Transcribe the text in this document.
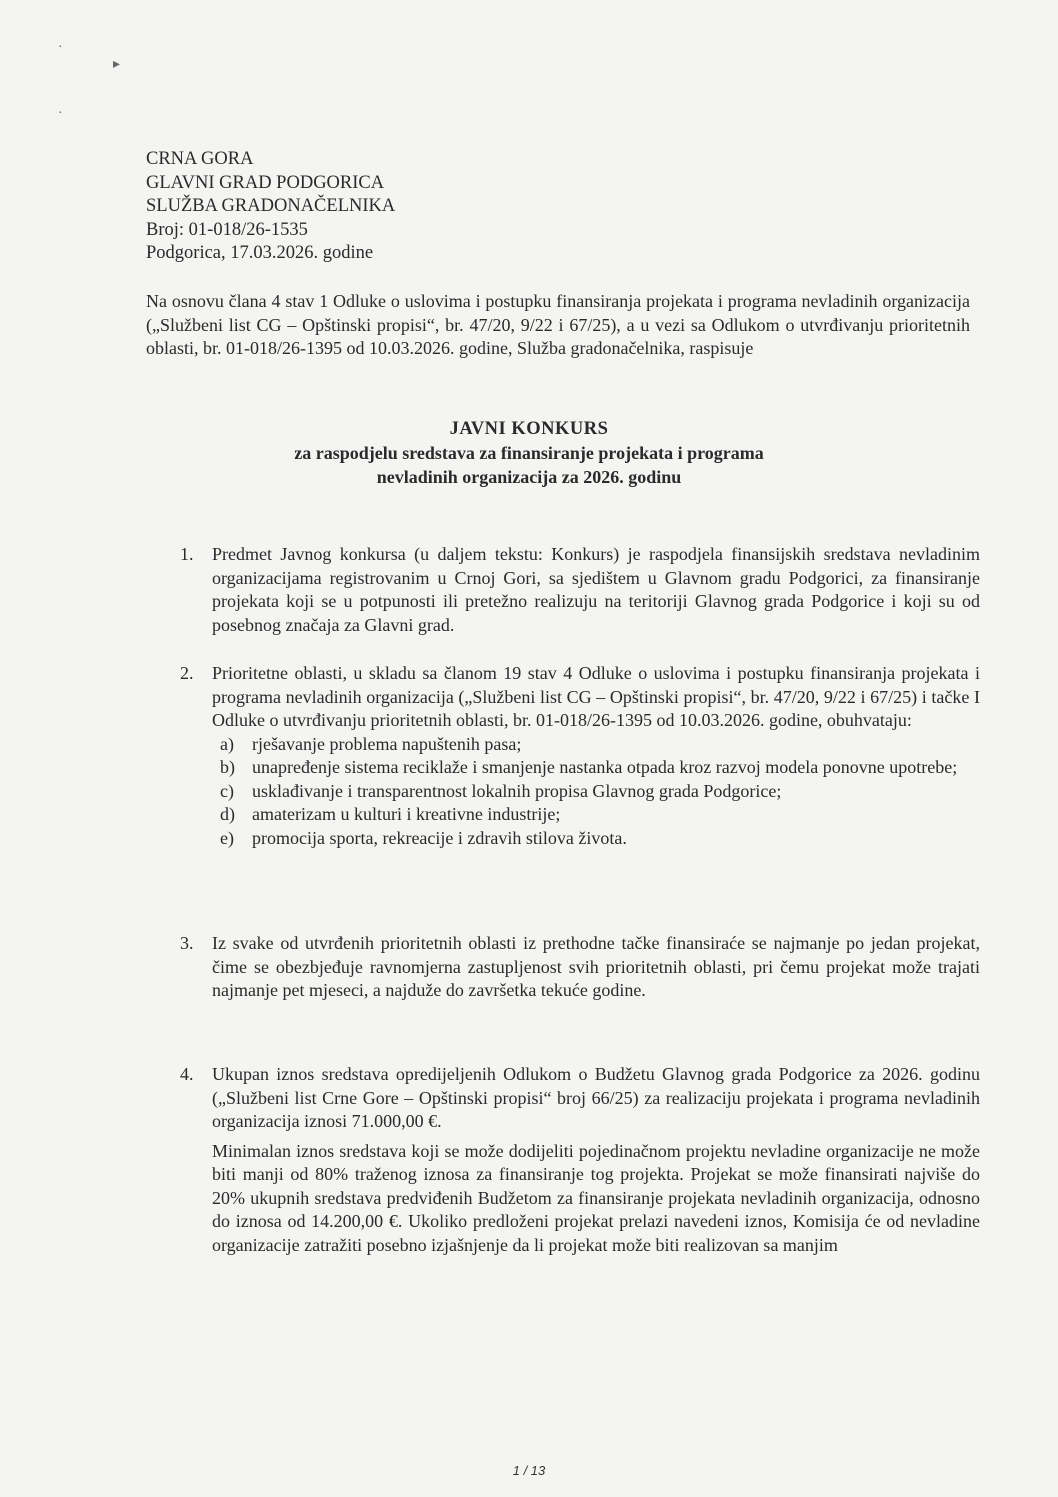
·
▸
·
CRNA GORA
GLAVNI GRAD PODGORICA
SLUŽBA GRADONAČELNIKA
Broj: 01-018/26-1535
Podgorica, 17.03.2026. godine
Na osnovu člana 4 stav 1 Odluke o uslovima i postupku finansiranja projekata i programa nevladinih organizacija („Službeni list CG – Opštinski propisi“, br. 47/20, 9/22 i 67/25), a u vezi sa Odlukom o utvrđivanju prioritetnih oblasti, br. 01-018/26-1395 od 10.03.2026. godine, Služba gradonačelnika, raspisuje
JAVNI KONKURS
za raspodjelu sredstava za finansiranje projekata i programa
nevladinih organizacija za 2026. godinu
1.	Predmet Javnog konkursa (u daljem tekstu: Konkurs) je raspodjela finansijskih sredstava nevladinim organizacijama registrovanim u Crnoj Gori, sa sjedištem u Glavnom gradu Podgorici, za finansiranje projekata koji se u potpunosti ili pretežno realizuju na teritoriji Glavnog grada Podgorice i koji su od posebnog značaja za Glavni grad.
2.	Prioritetne oblasti, u skladu sa članom 19 stav 4 Odluke o uslovima i postupku finansiranja projekata i programa nevladinih organizacija („Službeni list CG – Opštinski propisi“, br. 47/20, 9/22 i 67/25) i tačke I Odluke o utvrđivanju prioritetnih oblasti, br. 01-018/26-1395 od 10.03.2026. godine, obuhvataju:
a) rješavanje problema napuštenih pasa;
b) unapređenje sistema reciklaže i smanjenje nastanka otpada kroz razvoj modela ponovne upotrebe;
c) usklađivanje i transparentnost lokalnih propisa Glavnog grada Podgorice;
d) amaterizam u kulturi i kreativne industrije;
e) promocija sporta, rekreacije i zdravih stilova života.
3.	Iz svake od utvrđenih prioritetnih oblasti iz prethodne tačke finansiraće se najmanje po jedan projekat, čime se obezbjeđuje ravnomjerna zastupljenost svih prioritetnih oblasti, pri čemu projekat može trajati najmanje pet mjeseci, a najduže do završetka tekuće godine.
4.	Ukupan iznos sredstava opredijeljenih Odlukom o Budžetu Glavnog grada Podgorice za 2026. godinu („Službeni list Crne Gore – Opštinski propisi“ broj 66/25) za realizaciju projekata i programa nevladinih organizacija iznosi 71.000,00 €.
Minimalan iznos sredstava koji se može dodijeliti pojedinačnom projektu nevladine organizacije ne može biti manji od 80% traženog iznosa za finansiranje tog projekta. Projekat se može finansirati najviše do 20% ukupnih sredstava predviđenih Budžetom za finansiranje projekata nevladinih organizacija, odnosno do iznosa od 14.200,00 €. Ukoliko predloženi projekat prelazi navedeni iznos, Komisija će od nevladine organizacije zatražiti posebno izjašnjenje da li projekat može biti realizovan sa manjim
1 / 13
